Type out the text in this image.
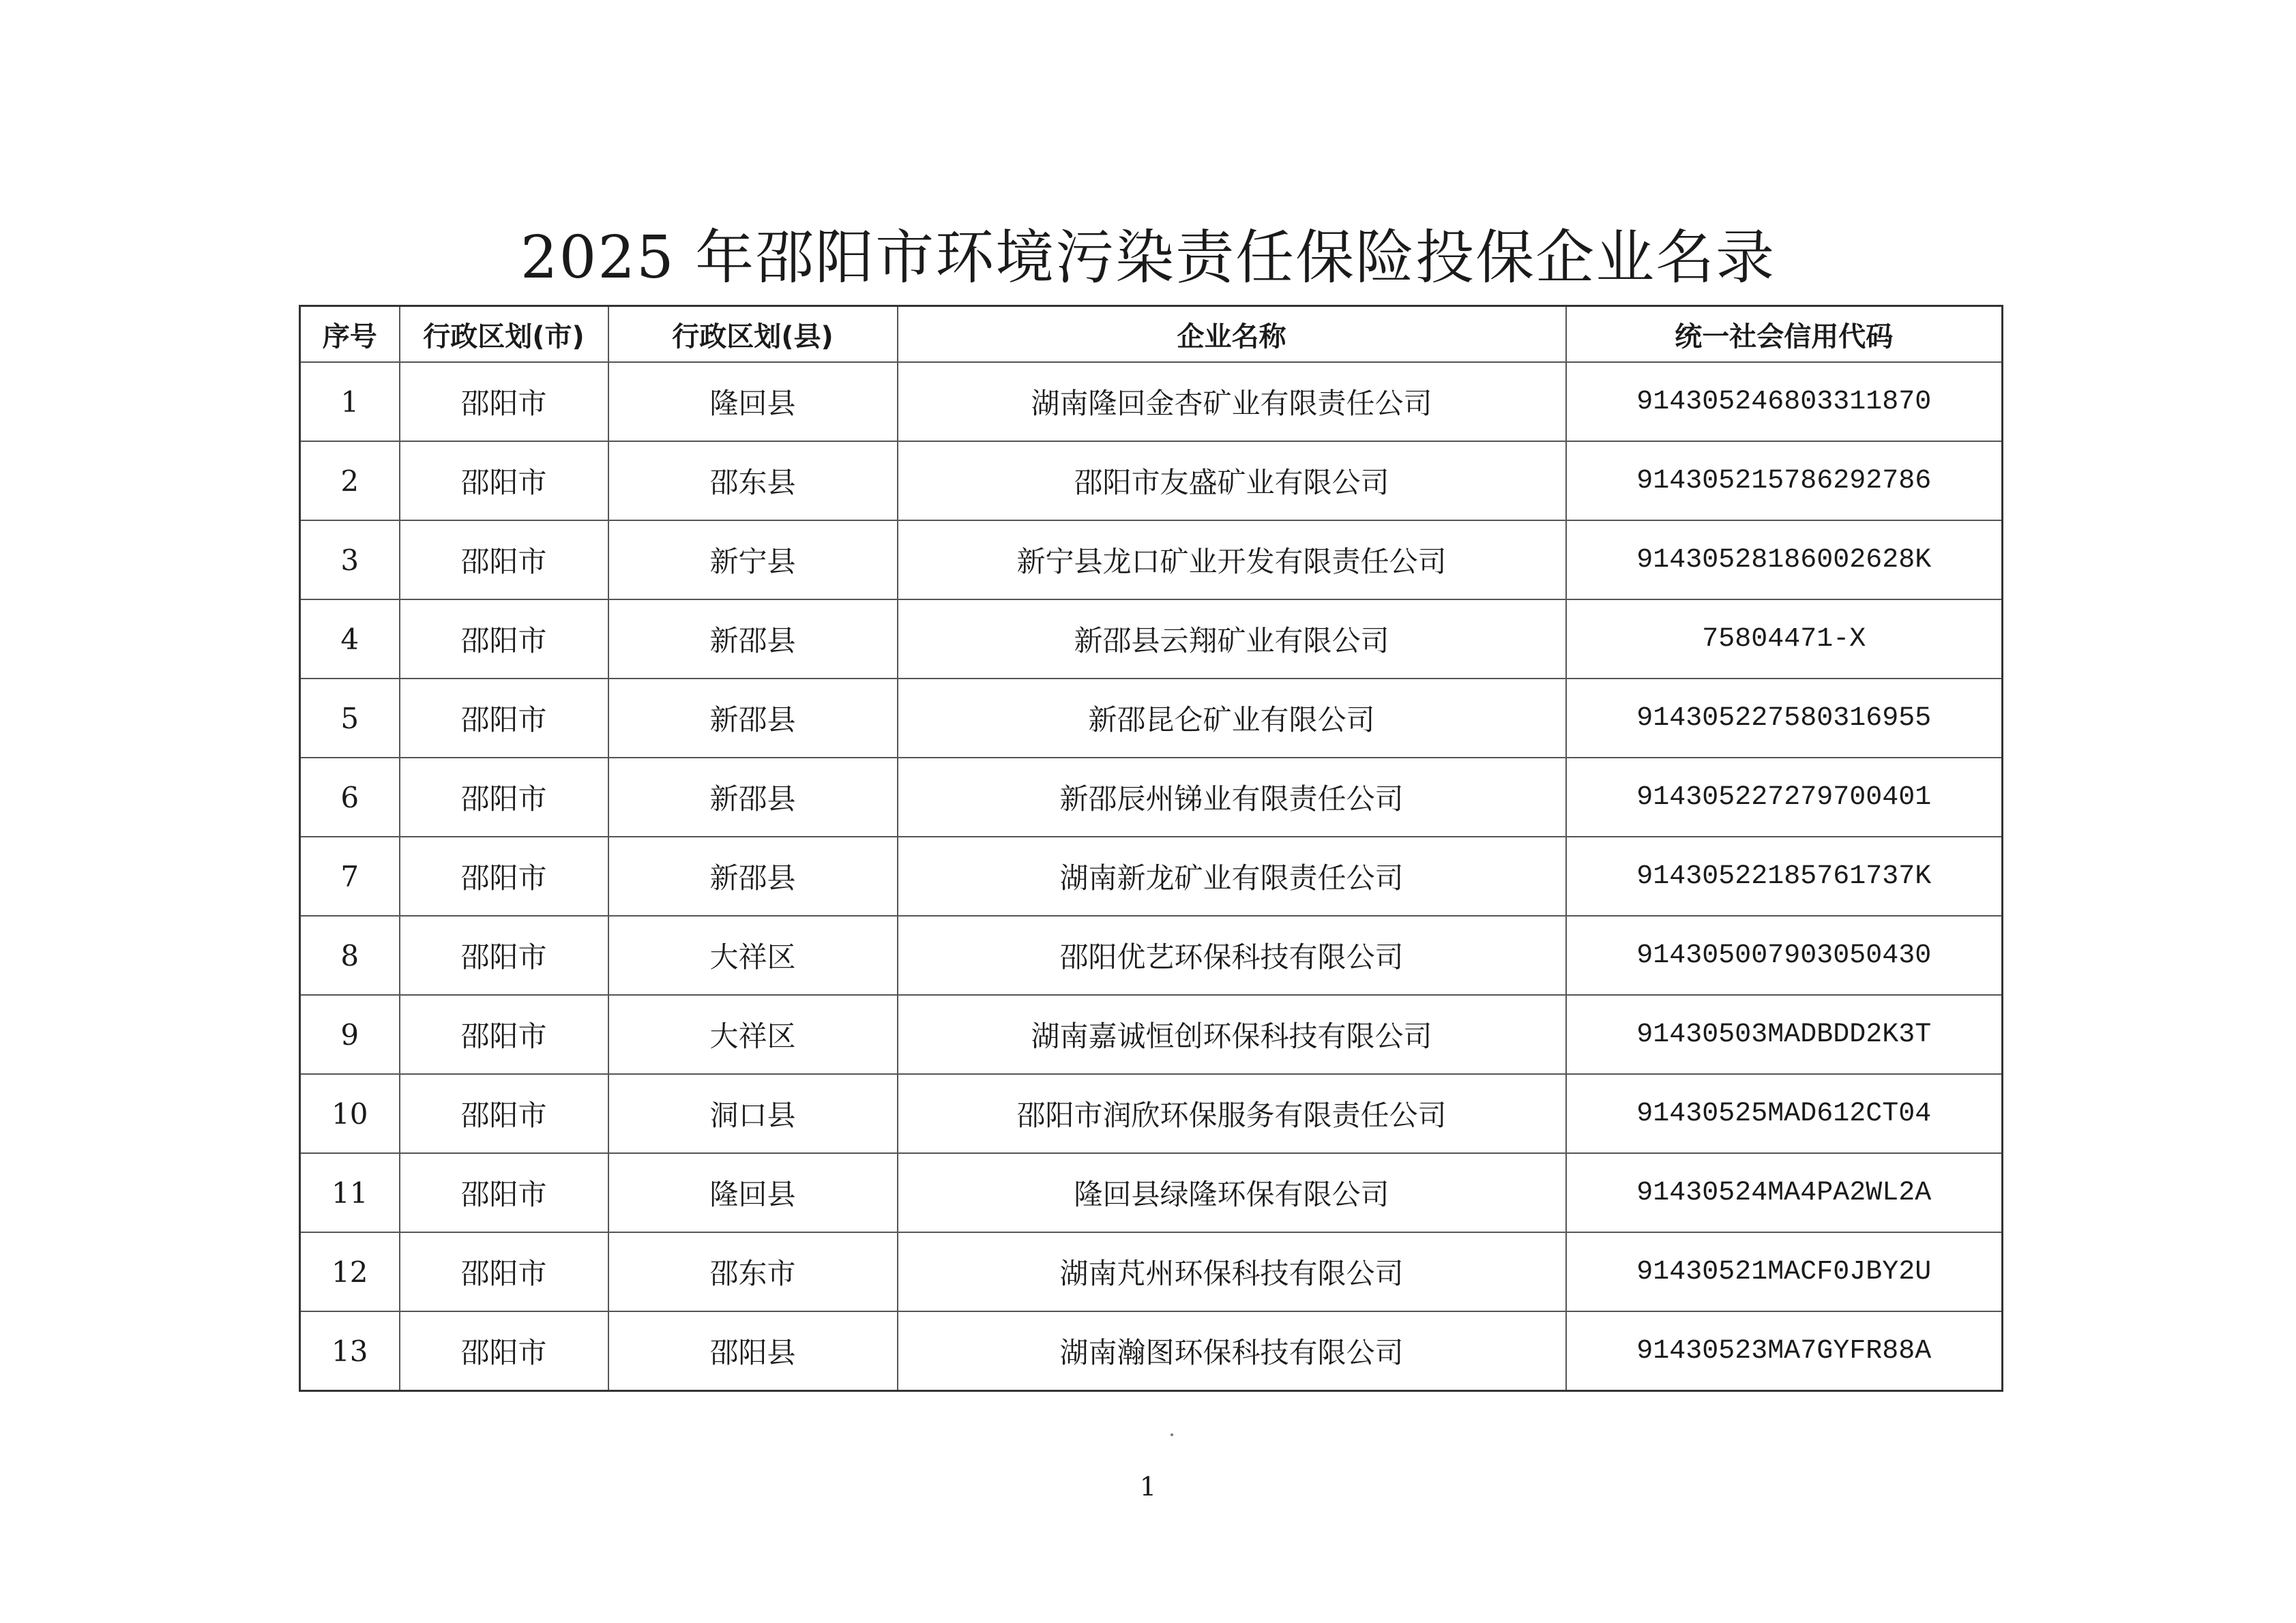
2025 年邵阳市环境污染责任保险投保企业名录
序号	行政区划(市)	行政区划(县)	企业名称	统一社会信用代码
1	邵阳市	隆回县	湖南隆回金杏矿业有限责任公司	914305246803311870
2	邵阳市	邵东县	邵阳市友盛矿业有限公司	914305215786292786
3	邵阳市	新宁县	新宁县龙口矿业开发有限责任公司	9143052818600262​8K
4	邵阳市	新邵县	新邵县云翔矿业有限公司	75804471-X
5	邵阳市	新邵县	新邵昆仑矿业有限公司	914305227580316955
6	邵阳市	新邵县	新邵辰州锑业有限责任公司	914305227279700401
7	邵阳市	新邵县	湖南新龙矿业有限责任公司	91430522185761737K
8	邵阳市	大祥区	邵阳优艺环保科技有限公司	914305007903050430
9	邵阳市	大祥区	湖南嘉诚恒创环保科技有限公司	91430503MADBDD2K3T
10	邵阳市	洞口县	邵阳市润欣环保服务有限责任公司	91430525MAD612CT04
11	邵阳市	隆回县	隆回县绿隆环保有限公司	91430524MA4PA2WL2A
12	邵阳市	邵东市	湖南芃州环保科技有限公司	91430521MACF0JBY2U
13	邵阳市	邵阳县	湖南瀚图环保科技有限公司	91430523MA7GYFR88A
1
